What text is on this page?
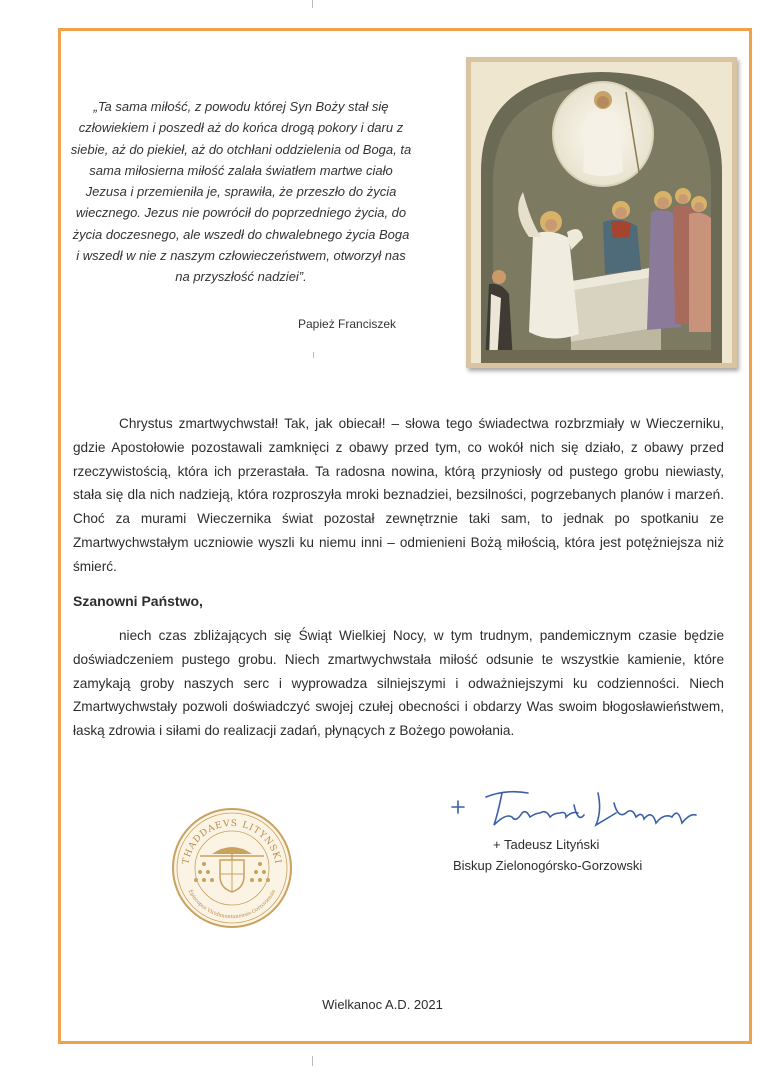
„Ta sama miłość, z powodu której Syn Boży stał się człowiekiem i poszedł aż do końca drogą pokory i daru z siebie, aż do piekieł, aż do otchłani oddzielenia od Boga, ta sama miłosierna miłość zalała światłem martwe ciało Jezusa i przemieniła je, sprawiła, że przeszło do życia wiecznego. Jezus nie powrócił do poprzedniego życia, do życia doczesnego, ale wszedł do chwalebnego życia Boga i wszedł w nie z naszym człowieczeństwem, otworzył nas na przyszłość nadziei”.
Papież Franciszek
Chrystus zmartwychwstał! Tak, jak obiecał! – słowa tego świadectwa rozbrzmiały w Wieczerniku, gdzie Apostołowie pozostawali zamknięci z obawy przed tym, co wokół nich się działo, z obawy przed rzeczywistością, która ich przerastała. Ta radosna nowina, którą przyniosły od pustego grobu niewiasty, stała się dla nich nadzieją, która rozproszyła mroki beznadziei, bezsilności, pogrzebanych planów i marzeń. Choć za murami Wieczernika świat pozostał zewnętrznie taki sam, to jednak po spotkaniu ze Zmartwychwstałym uczniowie wyszli ku niemu inni – odmienieni Bożą miłością, która jest potężniejsza niż śmierć.
Szanowni Państwo,
niech czas zbliżających się Świąt Wielkiej Nocy, w tym trudnym, pandemicznym czasie będzie doświadczeniem pustego grobu. Niech zmartwychwstała miłość odsunie te wszystkie kamienie, które zamykają groby naszych serc i wyprowadza silniejszymi i odważniejszymi ku codzienności. Niech Zmartwychwstały pozwoli doświadczyć swojej czułej obecności i obdarzy Was swoim błogosławieństwem, łaską zdrowia i siłami do realizacji zadań, płynących z Bożego powołania.
+ Tadeusz Lityński
Biskup Zielonogórsko-Gorzowski
THADDAEVS LITYNSKI
Episcopus Viridimontanensis-Gorzoviensis
Wielkanoc A.D. 2021
